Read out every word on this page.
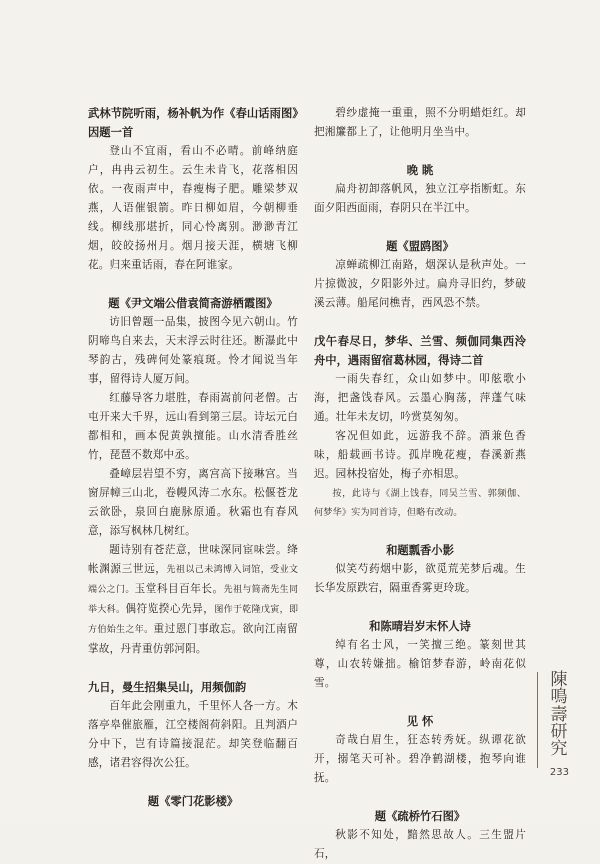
武林节院听雨，杨补帆为作《春山话雨图》因题一首

登山不宜雨，看山不必晴。前峰纳庭户，冉冉云初生。云生未肯飞，花落相因依。一夜雨声中，春瘦梅子肥。雕梁梦双燕，人语催银箭。昨日柳如眉，今朝柳垂线。柳线那堪折，同心怜离别。渺渺青江烟，皎皎扬州月。烟月接天涯，横塘飞柳花。归来重话雨，春在阿谁家。

题《尹文端公借袁简斋游栖霞图》

访旧曾题一品集，披图今见六朝山。竹阴啼鸟自来去，天末浮云时往还。断瀑此中琴韵古，残碑何处篆痕斑。怜才闻说当年事，留得诗人厦万间。

红藤导客力堪胜，春雨嵩前问老僧。古屯开来大千界，远山看到第三层。诗坛元白都相和，画本倪黄孰擅能。山水清香胜丝竹，琵琶不数郑中丞。

叠嶂层岩望不穷，离宫高下接琳宫。当窗屏幛三山北，卷幔风涛二水东。松偃苍龙云欲卧，泉回白鹿脉原通。秋霜也有春风意，添写枫林几树红。

题诗别有苍茫意，世味深同宦味尝。绛帐渊源三世远，先祖以己未鸿博入词馆，受业文端公之门。玉堂科目百年长。先祖与简斋先生同举大科。偶符览揆心先异，图作于乾隆戊寅，即方伯始生之年。重过恩门事敢忘。欲向江南留掌故，丹青重仿郭河阳。

九日，曼生招集吴山，用频伽韵

百年此会刚重九，千里怀人各一方。木落亭皋催旅雁，江空楼阁荷斜阳。且判酒户分中下，岂有诗篇接混茫。却笑登临翻百感，诸君容得次公狂。

题《零门花影楼》

碧纱虚掩一重重，照不分明蜡炬红。却把湘簾都上了，让他明月坐当中。

晚 眺

扁舟初卸落帆风，独立江亭指断虹。东面夕阳西面雨，春阴只在半江中。

题《盟鸥图》

凉蝉疏柳江南路，烟深认是秋声处。一片掠微波，夕阳影外过。扁舟寻旧约，梦破溪云薄。船尾问樵青，西风恐不禁。

戊午春尽日，梦华、兰雪、频伽同集西泠舟中，遇雨留宿葛林园，得诗二首

一雨失春红，众山如梦中。叩舷歌小海，把盏饯春风。云墨心胸荡，萍蓬气味通。壮年未友切，吟赏莫匆匆。

客况但如此，远游我不辞。酒兼色香味，船载画书诗。孤岸晚花瘦，春溪新燕迟。园林投宿处，梅子亦相思。

按，此诗与《湖上饯春，同吴兰雪、郭频伽、何梦华》实为同首诗，但略有改动。

和题瓢香小影

似笑芍药烟中影，欲觅荒芜梦后魂。生长华发原跌宕，隔重香雾更玲珑。

和陈晴岩岁末怀人诗

绰有名士风，一笑擅三绝。篆刻世其尊，山农转嫌拙。榆馆梦春游，岭南花似雪。

见 怀

奇哉白眉生，狂态转秀妩。纵谭花欲开，搦笔天可补。碧净鹤湖楼，抱琴向谁抚。

题《疏桥竹石图》

秋影不知处，黯然思故人。三生盟片石，

陳
鳴
壽
研
究
233
